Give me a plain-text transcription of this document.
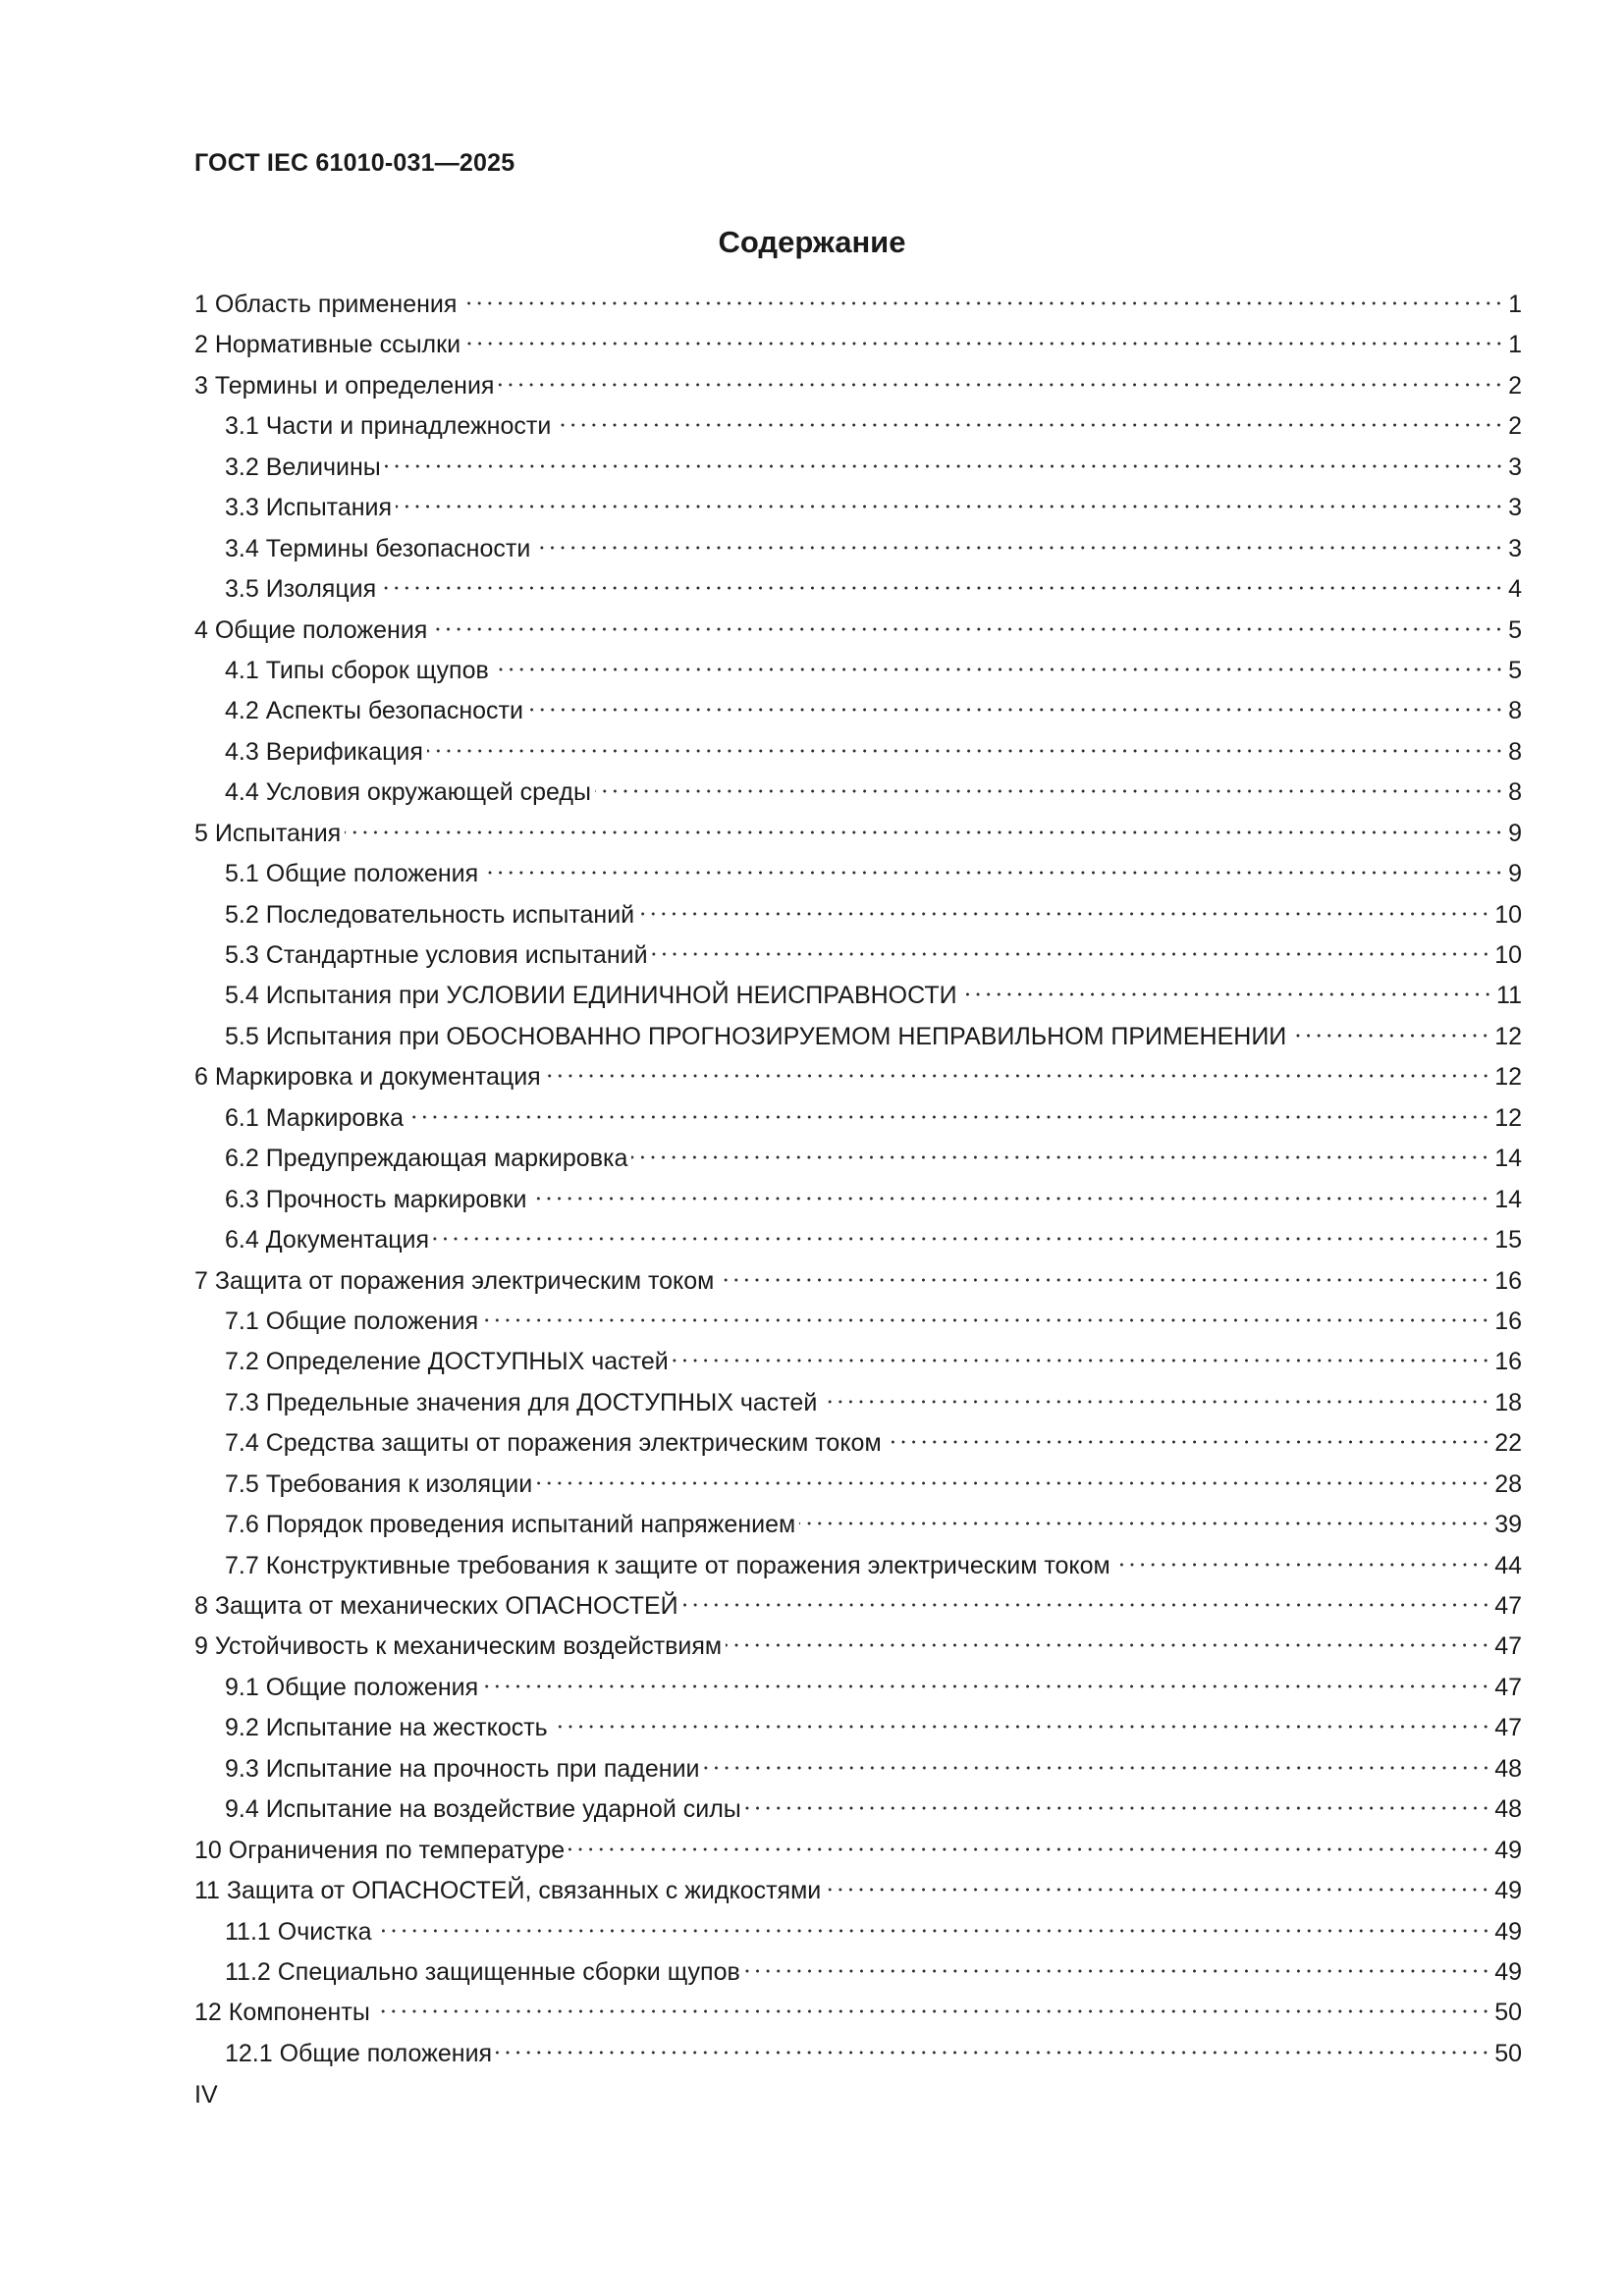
ГОСТ IEC 61010-031—2025
Содержание
1 Область применения	1
2 Нормативные ссылки	1
3 Термины и определения	2
3.1 Части и принадлежности	2
3.2 Величины	3
3.3 Испытания	3
3.4 Термины безопасности	3
3.5 Изоляция	4
4 Общие положения	5
4.1 Типы сборок щупов	5
4.2 Аспекты безопасности	8
4.3 Верификация	8
4.4 Условия окружающей среды	8
5 Испытания	9
5.1 Общие положения	9
5.2 Последовательность испытаний	10
5.3 Стандартные условия испытаний	10
5.4 Испытания при УСЛОВИИ ЕДИНИЧНОЙ НЕИСПРАВНОСТИ	11
5.5 Испытания при ОБОСНОВАННО ПРОГНОЗИРУЕМОМ НЕПРАВИЛЬНОМ ПРИМЕНЕНИИ	12
6 Маркировка и документация	12
6.1 Маркировка	12
6.2 Предупреждающая маркировка	14
6.3 Прочность маркировки	14
6.4 Документация	15
7 Защита от поражения электрическим током	16
7.1 Общие положения	16
7.2 Определение ДОСТУПНЫХ частей	16
7.3 Предельные значения для ДОСТУПНЫХ частей	18
7.4 Средства защиты от поражения электрическим током	22
7.5 Требования к изоляции	28
7.6 Порядок проведения испытаний напряжением	39
7.7 Конструктивные требования к защите от поражения электрическим током	44
8 Защита от механических ОПАСНОСТЕЙ	47
9 Устойчивость к механическим воздействиям	47
9.1 Общие положения	47
9.2 Испытание на жесткость	47
9.3 Испытание на прочность при падении	48
9.4 Испытание на воздействие ударной силы	48
10 Ограничения по температуре	49
11 Защита от ОПАСНОСТЕЙ, связанных с жидкостями	49
11.1 Очистка	49
11.2 Специально защищенные сборки щупов	49
12 Компоненты	50
12.1 Общие положения	50
IV
